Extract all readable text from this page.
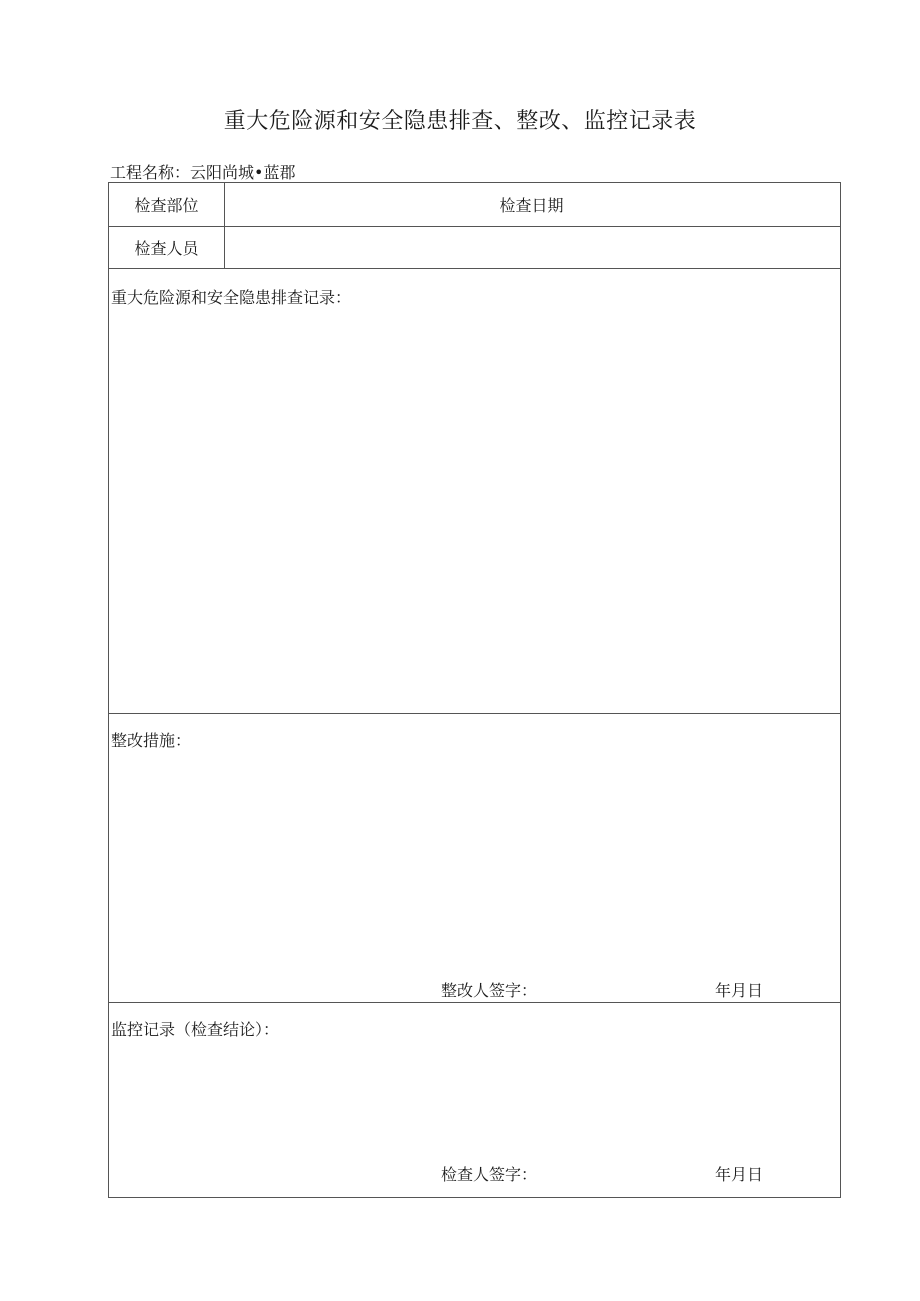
重大危险源和安全隐患排查、整改、监控记录表
工程名称：云阳尚城•蓝郡
检查部位	检查日期
检查人员
重大危险源和安全隐患排查记录：
整改措施：
整改人签字：	年月日
监控记录（检查结论）：
检查人签字：	年月日
